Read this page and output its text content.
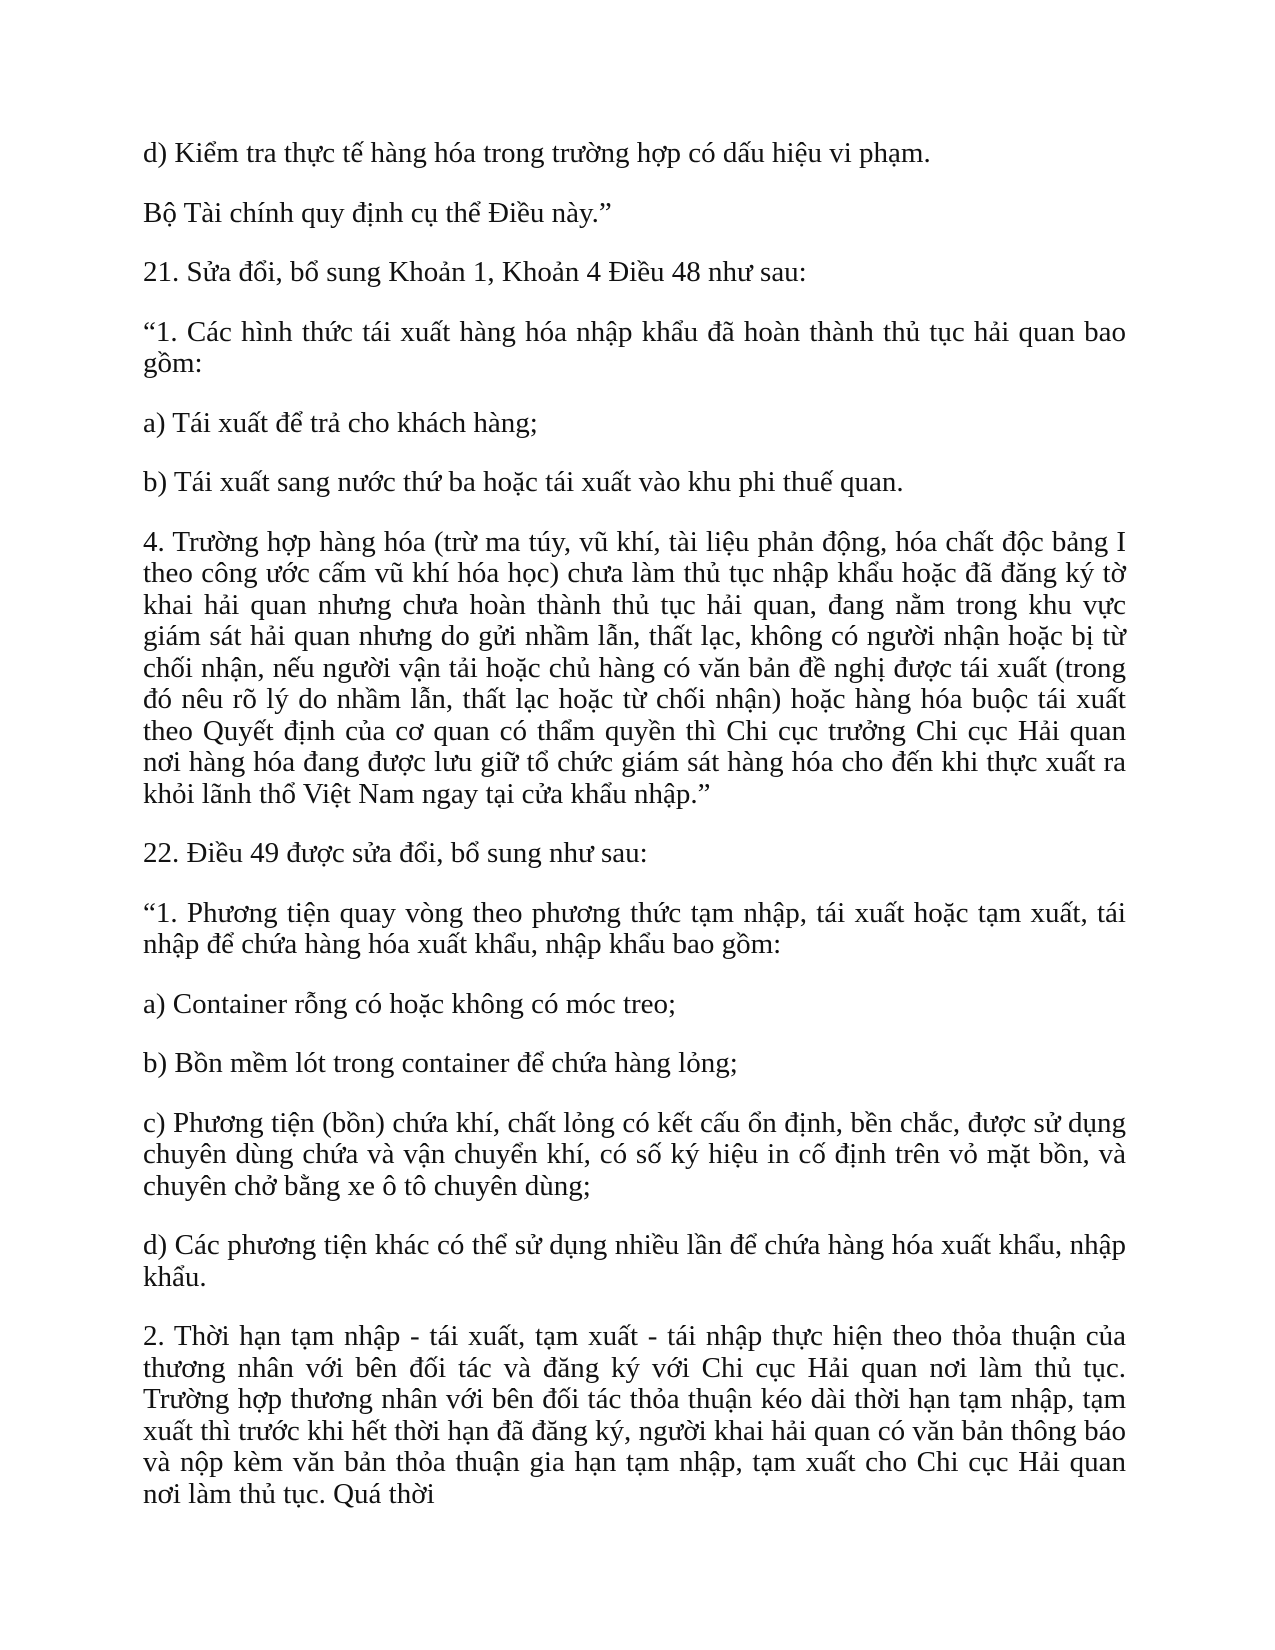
d) Kiểm tra thực tế hàng hóa trong trường hợp có dấu hiệu vi phạm.

Bộ Tài chính quy định cụ thể Điều này.”

21. Sửa đổi, bổ sung Khoản 1, Khoản 4 Điều 48 như sau:

“1. Các hình thức tái xuất hàng hóa nhập khẩu đã hoàn thành thủ tục hải quan bao gồm:

a) Tái xuất để trả cho khách hàng;

b) Tái xuất sang nước thứ ba hoặc tái xuất vào khu phi thuế quan.

4. Trường hợp hàng hóa (trừ ma túy, vũ khí, tài liệu phản động, hóa chất độc bảng I theo công ước cấm vũ khí hóa học) chưa làm thủ tục nhập khẩu hoặc đã đăng ký tờ khai hải quan nhưng chưa hoàn thành thủ tục hải quan, đang nằm trong khu vực giám sát hải quan nhưng do gửi nhầm lẫn, thất lạc, không có người nhận hoặc bị từ chối nhận, nếu người vận tải hoặc chủ hàng có văn bản đề nghị được tái xuất (trong đó nêu rõ lý do nhầm lẫn, thất lạc hoặc từ chối nhận) hoặc hàng hóa buộc tái xuất theo Quyết định của cơ quan có thẩm quyền thì Chi cục trưởng Chi cục Hải quan nơi hàng hóa đang được lưu giữ tổ chức giám sát hàng hóa cho đến khi thực xuất ra khỏi lãnh thổ Việt Nam ngay tại cửa khẩu nhập.”

22. Điều 49 được sửa đổi, bổ sung như sau:

“1. Phương tiện quay vòng theo phương thức tạm nhập, tái xuất hoặc tạm xuất, tái nhập để chứa hàng hóa xuất khẩu, nhập khẩu bao gồm:

a) Container rỗng có hoặc không có móc treo;

b) Bồn mềm lót trong container để chứa hàng lỏng;

c) Phương tiện (bồn) chứa khí, chất lỏng có kết cấu ổn định, bền chắc, được sử dụng chuyên dùng chứa và vận chuyển khí, có số ký hiệu in cố định trên vỏ mặt bồn, và chuyên chở bằng xe ô tô chuyên dùng;

d) Các phương tiện khác có thể sử dụng nhiều lần để chứa hàng hóa xuất khẩu, nhập khẩu.

2. Thời hạn tạm nhập - tái xuất, tạm xuất - tái nhập thực hiện theo thỏa thuận của thương nhân với bên đối tác và đăng ký với Chi cục Hải quan nơi làm thủ tục. Trường hợp thương nhân với bên đối tác thỏa thuận kéo dài thời hạn tạm nhập, tạm xuất thì trước khi hết thời hạn đã đăng ký, người khai hải quan có văn bản thông báo và nộp kèm văn bản thỏa thuận gia hạn tạm nhập, tạm xuất cho Chi cục Hải quan nơi làm thủ tục. Quá thời
